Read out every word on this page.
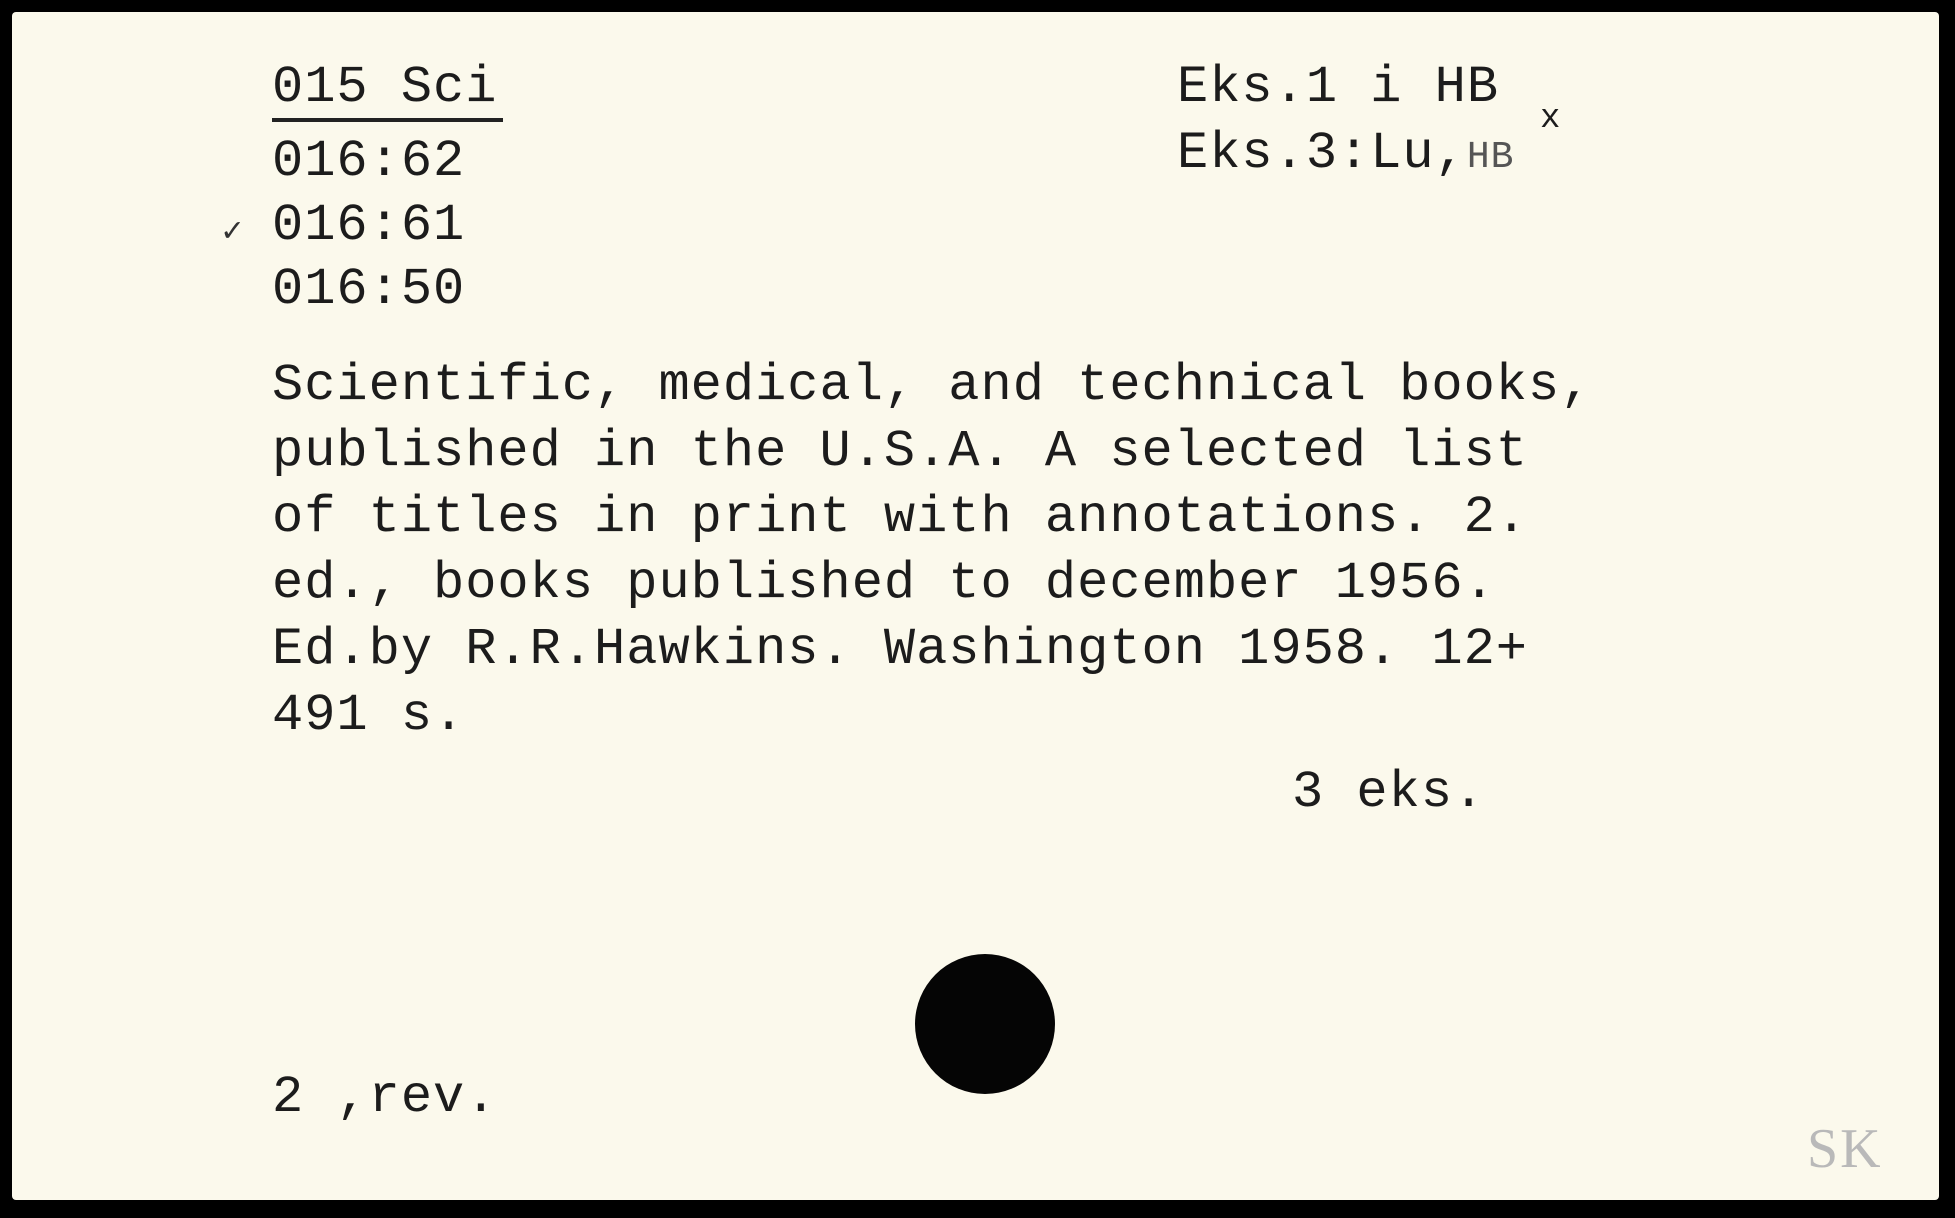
015 Sci
016:62
✓ 016:61
016:50
Eks.1 i HB
x
Eks.3:Lu,HB
Scientific, medical, and technical books,
published in the U.S.A. A selected list
of titles in print with annotations. 2.
ed., books published to december 1956.
Ed.by R.R.Hawkins. Washington 1958. 12+
491 s.
3 eks.
2 ,rev.
SK
